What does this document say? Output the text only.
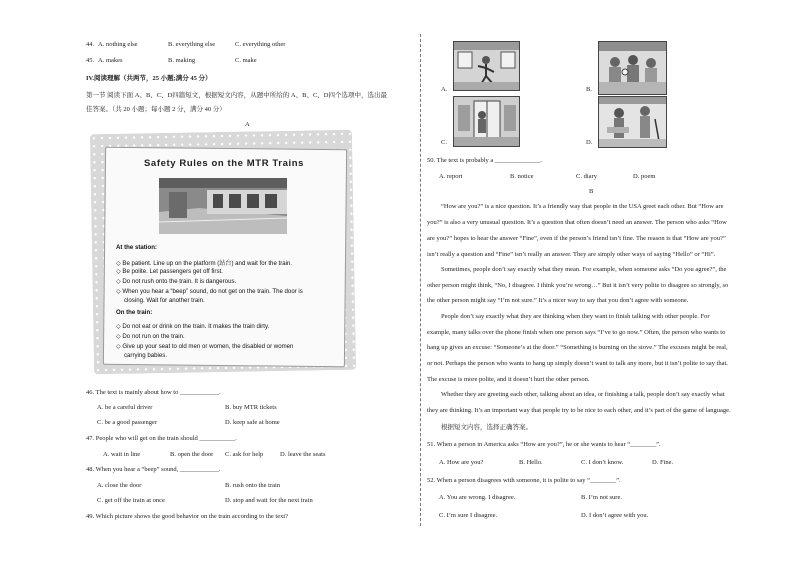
44. A. nothing else	B. everything else	C. everything other
45. A. makes	B. making	C. make
IV.阅读理解（共两节，25 小题;满分 45 分）
第一节 阅读下面 A、B、C、D四篇短文，根据短文内容，从题中所给的 A、B、C、D四个选项中，选出最
佳答案。（共 20 小题；每小题 2 分，满分 40 分）
A
Safety Rules on the MTR Trains
At the station:
◇ Be patient. Line up on the platform (站台) and wait for the train.
◇ Be polite. Let passengers get off first.
◇ Do not rush onto the train. It is dangerous.
◇ When you hear a “beep” sound, do not get on the train. The door is
closing. Wait for another train.
On the train:
◇ Do not eat or drink on the train. It makes the train dirty.
◇ Do not run on the train.
◇ Give up your seat to old men or women, the disabled or women
carrying babies.
46. The text is mainly about how to ____________.
A. be a careful driver	B. buy MTR tickets
C. be a good passenger	D. keep safe at home
47. People who will get on the train should ___________.
A. wait in line	B. open the door C. ask for help	D. leave the seats
48. When you hear a “beep” sound, ____________.
A. close the door	B. rush onto the train
C. get off the train at once	D. stop and wait for the next train
49. Which picture shows the good behavior on the train according to the text?
A.	B.
C.	D.
50. The text is probably a ______________.
A. report	B. notice	C. diary	D. poem
B
“How are you?” is a nice question. It’s a friendly way that people in the USA greet each other. But “How are
you?” is also a very unusual question. It’s a question that often doesn’t need an answer. The person who asks “How
are you?” hopes to hear the answer “Fine”, even if the person’s friend isn’t fine. The reason is that “How are you?”
isn’t really a question and “Fine” isn’t really an answer. They are simply other ways of saying “Hello” or “Hi”.
Sometimes, people don’t say exactly what they mean. For example, when someone asks “Do you agree?”, the
other person might think, “No, I disagree. I think you’re wrong…” But it isn’t very polite to disagree so strongly, so
the other person might say “I’m not sure.” It’s a nicer way to say that you don’t agree with someone.
People don’t say exactly what they are thinking when they want to finish talking with other people. For
example, many talks over the phone finish when one person says “I’ve to go now.” Often, the person who wants to
hang up gives an excuse: “Someone’s at the door.” “Something is burning on the stove.” The excuses might be real,
or not. Perhaps the person who wants to hang up simply doesn’t want to talk any more, but it isn’t polite to say that.
The excuse is more polite, and it doesn’t hurt the other person.
Whether they are greeting each other, talking about an idea, or finishing a talk, people don’t say exactly what
they are thinking. It’s an important way that people try to be nice to each other, and it’s part of the game of language.
根据短文内容，选择正确答案。
51. When a person in America asks “How are you?”, he or she wants to hear “________”.
A. How are you?	B. Hello.	C. I don’t know.	D. Fine.
52. When a person disagrees with someone, it is polite to say “________”.
A. You are wrong. I disagree.	B. I’m not sure.
C. I’m sure I disagree.	D. I don’t agree with you.
